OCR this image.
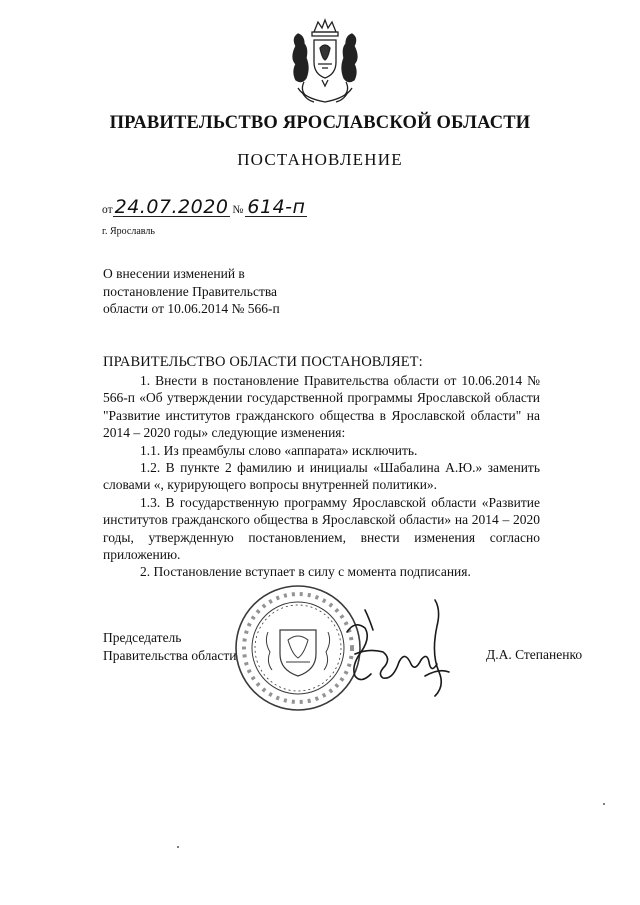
ПРАВИТЕЛЬСТВО ЯРОСЛАВСКОЙ ОБЛАСТИ
ПОСТАНОВЛЕНИЕ
от 24.07.2020 № 614-п
г. Ярославль
О внесении изменений в
постановление Правительства
области от 10.06.2014 № 566-п
ПРАВИТЕЛЬСТВО ОБЛАСТИ ПОСТАНОВЛЯЕТ:

1. Внести в постановление Правительства области от 10.06.2014 № 566-п «Об утверждении государственной программы Ярославской области "Развитие институтов гражданского общества в Ярославской области" на 2014 – 2020 годы» следующие изменения:

1.1. Из преамбулы слово «аппарата» исключить.

1.2. В пункте 2 фамилию и инициалы «Шабалина А.Ю.» заменить словами «, курирующего вопросы внутренней политики».

1.3. В государственную программу Ярославской области «Развитие институтов гражданского общества в Ярославской области» на 2014 – 2020 годы, утвержденную постановлением, внести изменения согласно приложению.

2. Постановление вступает в силу с момента подписания.

Председатель
Правительства области	Д.А. Степаненко
